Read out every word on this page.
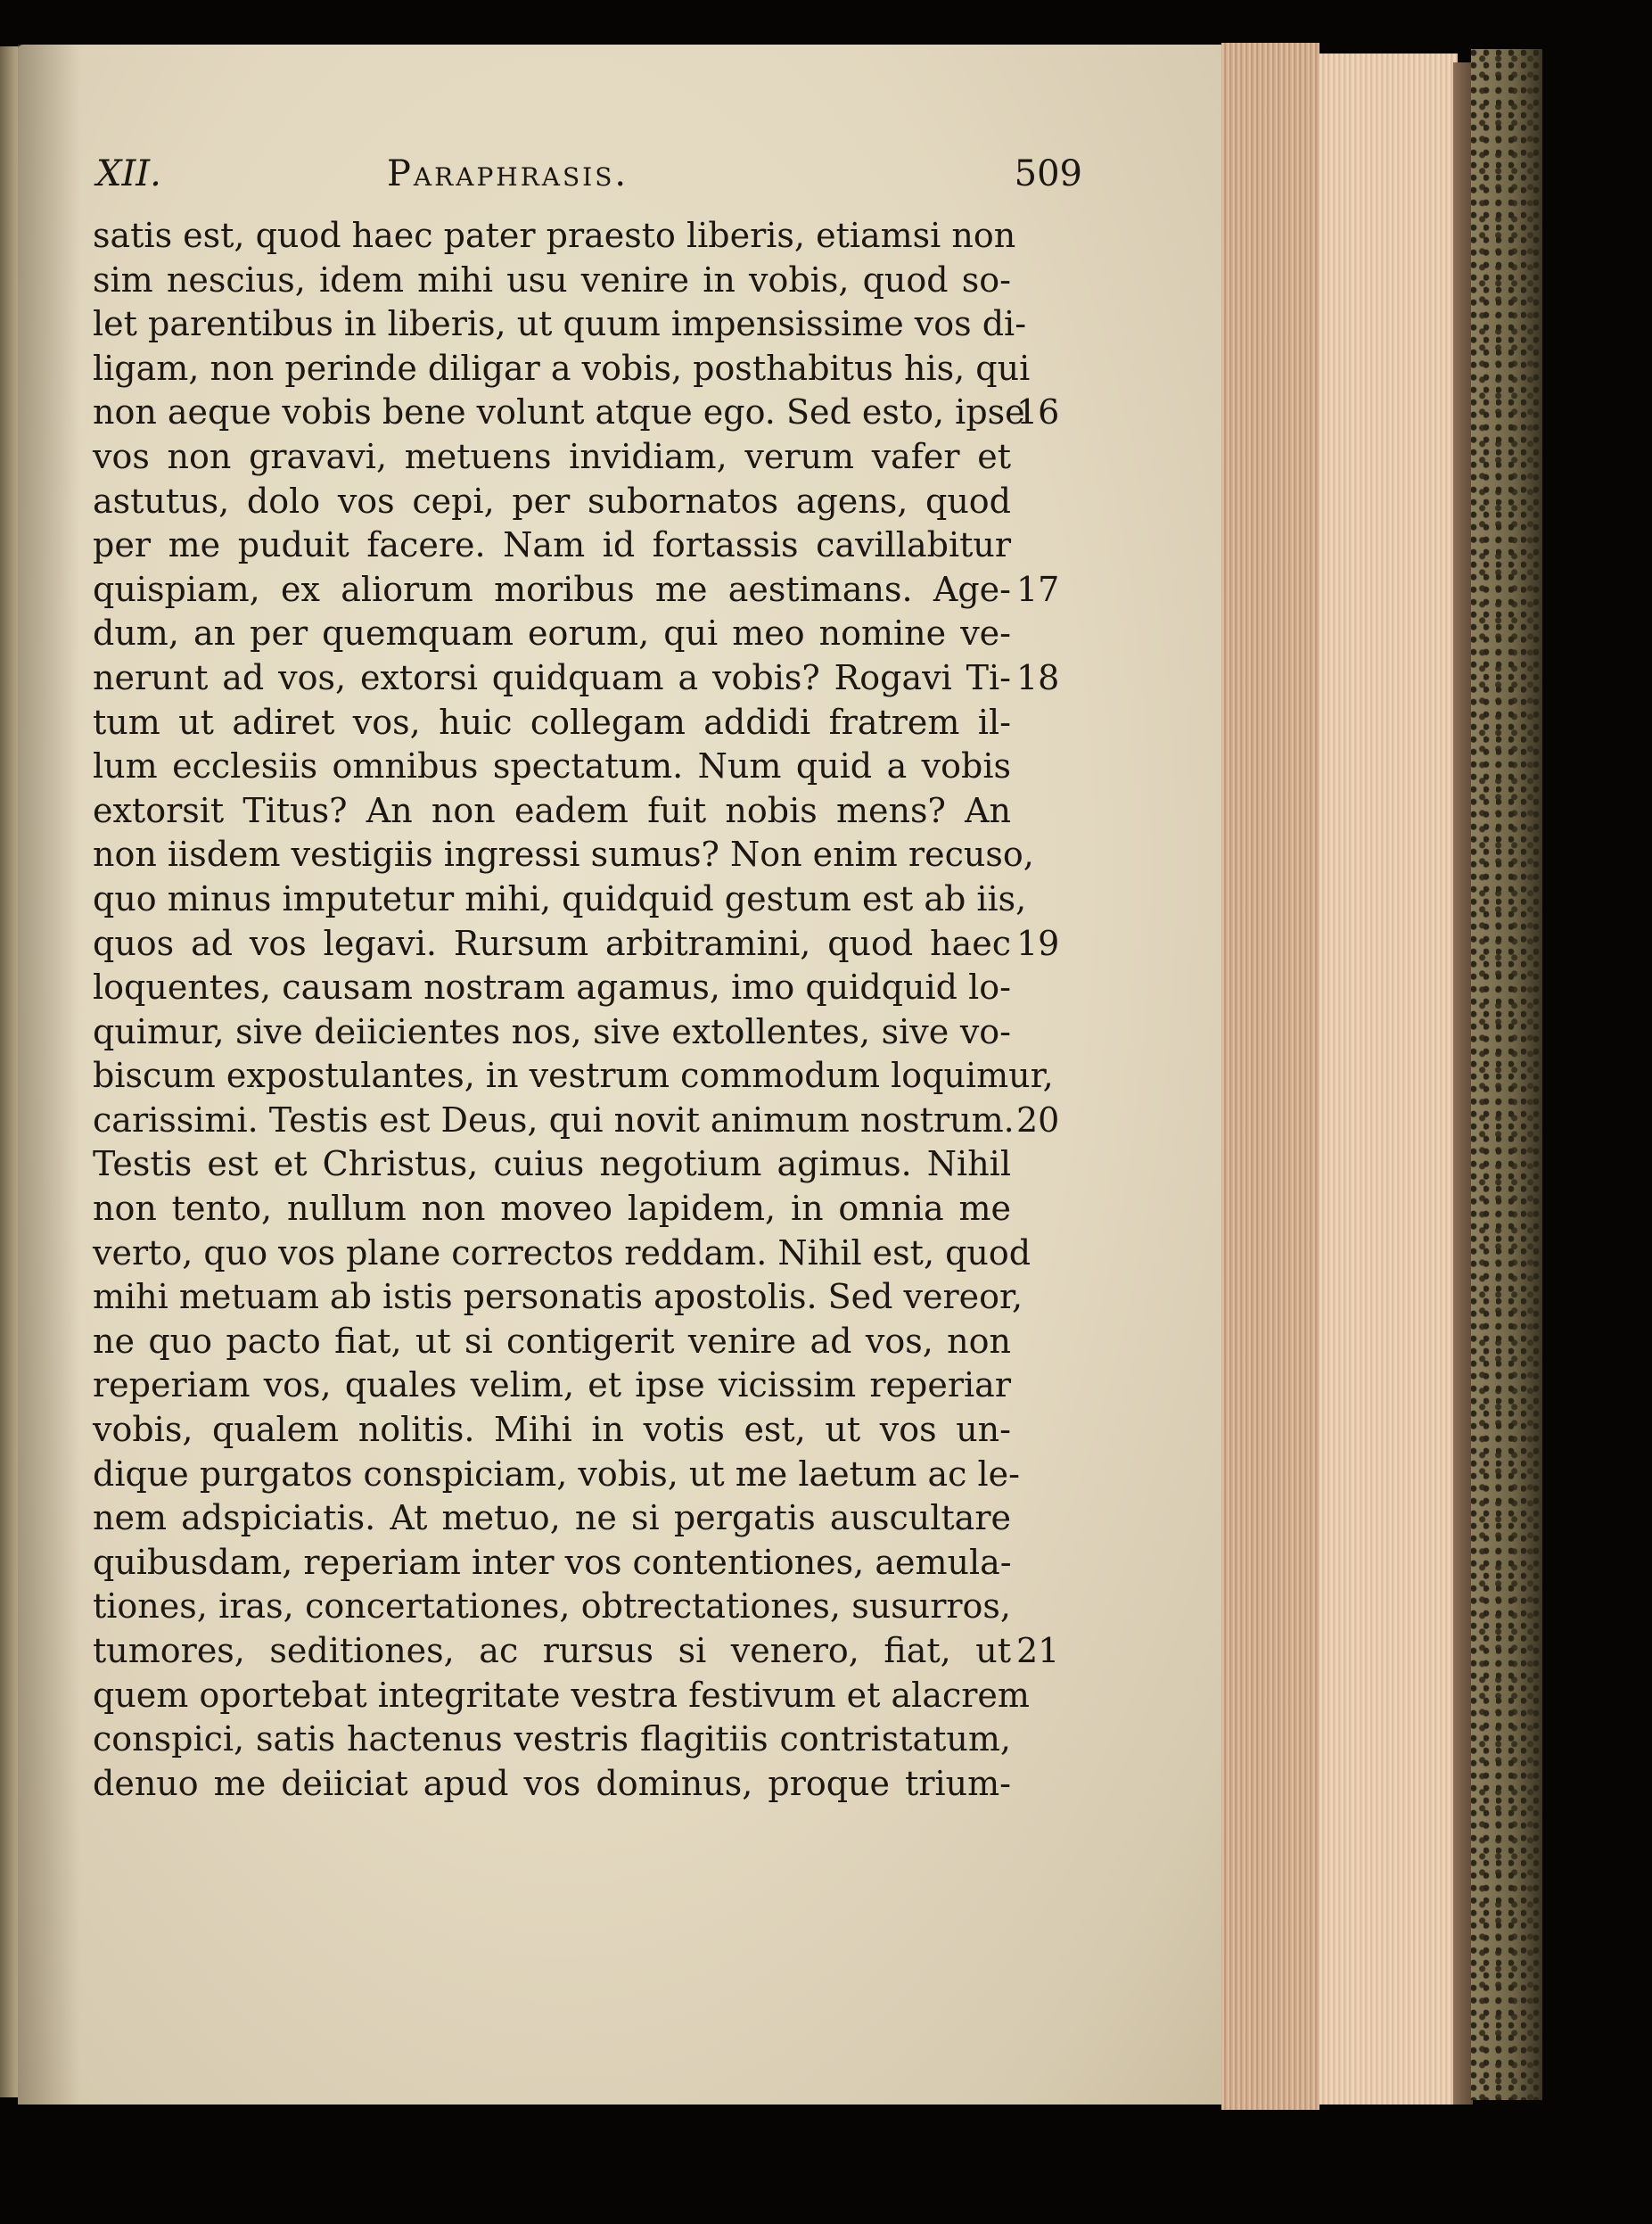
XII.	Paraphrasis.	509
satis est, quod haec pater praesto liberis, etiamsi non
sim nescius, idem mihi usu venire in vobis, quod so-
let parentibus in liberis, ut quum impensissime vos di-
ligam, non perinde diligar a vobis, posthabitus his, qui
non aeque vobis bene volunt atque ego. Sed esto, ipse
vos non gravavi, metuens invidiam, verum vafer et
astutus, dolo vos cepi, per subornatos agens, quod
per me puduit facere. Nam id fortassis cavillabitur
quispiam, ex aliorum moribus me aestimans. Age-
dum, an per quemquam eorum, qui meo nomine ve-
nerunt ad vos, extorsi quidquam a vobis? Rogavi Ti-
tum ut adiret vos, huic collegam addidi fratrem il-
lum ecclesiis omnibus spectatum. Num quid a vobis
extorsit Titus? An non eadem fuit nobis mens? An
non iisdem vestigiis ingressi sumus? Non enim recuso,
quo minus imputetur mihi, quidquid gestum est ab iis,
quos ad vos legavi. Rursum arbitramini, quod haec
loquentes, causam nostram agamus, imo quidquid lo-
quimur, sive deiicientes nos, sive extollentes, sive vo-
biscum expostulantes, in vestrum commodum loquimur,
carissimi. Testis est Deus, qui novit animum nostrum.
Testis est et Christus, cuius negotium agimus. Nihil
non tento, nullum non moveo lapidem, in omnia me
verto, quo vos plane correctos reddam. Nihil est, quod
mihi metuam ab istis personatis apostolis. Sed vereor,
ne quo pacto fiat, ut si contigerit venire ad vos, non
reperiam vos, quales velim, et ipse vicissim reperiar
vobis, qualem nolitis. Mihi in votis est, ut vos un-
dique purgatos conspiciam, vobis, ut me laetum ac le-
nem adspiciatis. At metuo, ne si pergatis auscultare
quibusdam, reperiam inter vos contentiones, aemula-
tiones, iras, concertationes, obtrectationes, susurros,
tumores, seditiones, ac rursus si venero, fiat, ut
quem oportebat integritate vestra festivum et alacrem
conspici, satis hactenus vestris flagitiis contristatum,
denuo me deiiciat apud vos dominus, proque trium-
16
17
18
19
20
21
